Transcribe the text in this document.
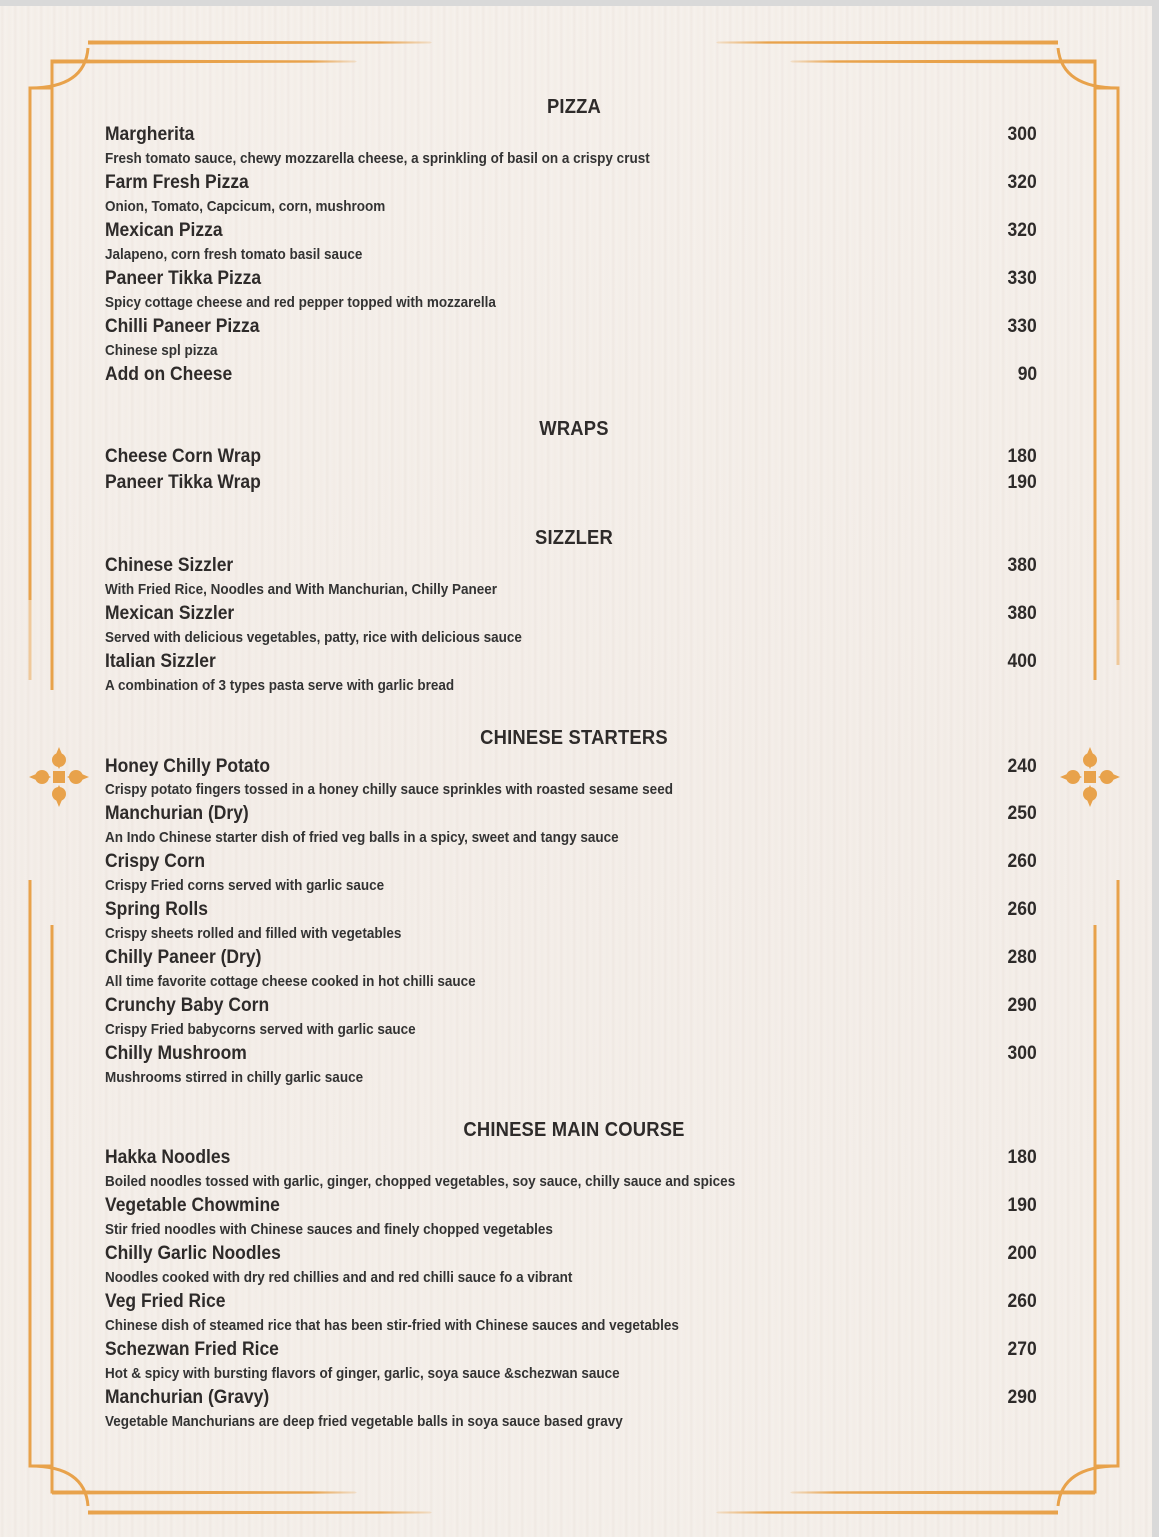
PIZZA
Margherita	300
Fresh tomato sauce, chewy mozzarella cheese, a sprinkling of basil on a crispy crust
Farm Fresh Pizza	320
Onion, Tomato, Capcicum, corn, mushroom
Mexican Pizza	320
Jalapeno, corn fresh tomato basil sauce
Paneer Tikka Pizza	330
Spicy cottage cheese and red pepper topped with mozzarella
Chilli Paneer Pizza	330
Chinese spl pizza
Add on Cheese	90
WRAPS
Cheese Corn Wrap	180
Paneer Tikka Wrap	190
SIZZLER
Chinese Sizzler	380
With Fried Rice, Noodles and With Manchurian, Chilly Paneer
Mexican Sizzler	380
Served with delicious vegetables, patty, rice with delicious sauce
Italian Sizzler	400
A combination of 3 types pasta serve with garlic bread
CHINESE STARTERS
Honey Chilly Potato	240
Crispy potato fingers tossed in a honey chilly sauce sprinkles with roasted sesame seed
Manchurian (Dry)	250
An Indo Chinese starter dish of fried veg balls in a spicy, sweet and tangy sauce
Crispy Corn	260
Crispy Fried corns served with garlic sauce
Spring Rolls	260
Crispy sheets rolled and filled with vegetables
Chilly Paneer (Dry)	280
All time favorite cottage cheese cooked in hot chilli sauce
Crunchy Baby Corn	290
Crispy Fried babycorns served with garlic sauce
Chilly Mushroom	300
Mushrooms stirred in chilly garlic sauce
CHINESE MAIN COURSE
Hakka Noodles	180
Boiled noodles tossed with garlic, ginger, chopped vegetables, soy sauce, chilly sauce and spices
Vegetable Chowmine	190
Stir fried noodles with Chinese sauces and finely chopped vegetables
Chilly Garlic Noodles	200
Noodles cooked with dry red chillies and and red chilli sauce fo a vibrant
Veg Fried Rice	260
Chinese dish of steamed rice that has been stir-fried with Chinese sauces and vegetables
Schezwan Fried Rice	270
Hot & spicy with bursting flavors of ginger, garlic, soya sauce &schezwan sauce
Manchurian (Gravy)	290
Vegetable Manchurians are deep fried vegetable balls in soya sauce based gravy
